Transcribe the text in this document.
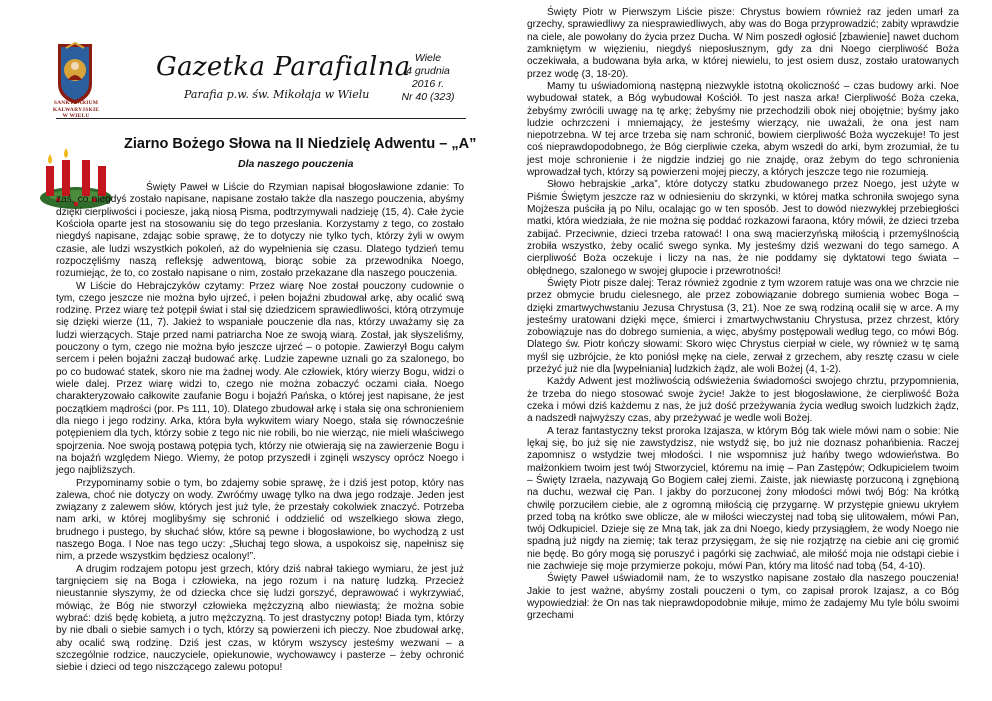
SANKTUARIUM
KALWARYJSKIE
W WIELU
Gazetka Parafialna
Parafia p.w. św. Mikołaja w Wielu
Wiele
4 grudnia
2016 r.
Nr 40 (323)
Ziarno Bożego Słowa na II Niedzielę Adwentu – „A”
Dla naszego pouczenia

Święty Paweł w Liście do Rzymian napisał błogosławione zdanie: To zaś, co niegdyś zostało napisane, napisane zostało także dla naszego pouczenia, abyśmy dzięki cierpliwości i pociesze, jaką niosą Pisma, podtrzymywali nadzieję (15, 4). Całe życie Kościoła oparte jest na stosowaniu się do tego przesłania. Korzystamy z tego, co zostało niegdyś napisane, zdając sobie sprawę, że to dotyczy nie tylko tych, którzy żyli w owym czasie, ale ludzi wszystkich pokoleń, aż do wypełnienia się czasu. Dlatego tydzień temu rozpoczęliśmy naszą refleksję adwentową, biorąc sobie za przewodnika Noego, rozumiejąc, że to, co zostało napisane o nim, zostało przekazane dla naszego pouczenia.

W Liście do Hebrajczyków czytamy: Przez wiarę Noe został pouczony cudownie o tym, czego jeszcze nie można było ujrzeć, i pełen bojaźni zbudował arkę, aby ocalić swą rodzinę. Przez wiarę też potępił świat i stał się dziedzicem sprawiedliwości, którą otrzymuje się dzięki wierze (11, 7). Jakież to wspaniałe pouczenie dla nas, którzy uważamy się za ludzi wierzących. Staje przed nami patriarcha Noe ze swoją wiarą. Został, jak słyszeliśmy, pouczony o tym, czego nie można było jeszcze ujrzeć – o potopie. Zawierzył Bogu całym sercem i pełen bojaźni zaczął budować arkę. Ludzie zapewne uznali go za szalonego, bo po co budować statek, skoro nie ma żadnej wody. Ale człowiek, który wierzy Bogu, widzi o wiele dalej. Przez wiarę widzi to, czego nie można zobaczyć oczami ciała. Noego charakteryzowało całkowite zaufanie Bogu i bojaźń Pańska, o której jest napisane, że jest początkiem mądrości (por. Ps 111, 10). Dlatego zbudował arkę i stała się ona schronieniem dla niego i jego rodziny. Arka, która była wykwitem wiary Noego, stała się równocześnie potępieniem dla tych, którzy sobie z tego nic nie robili, bo nie wierząc, nie mieli właściwego spojrzenia. Noe swoją postawą potępia tych, którzy nie otwierają się na zawierzenie Bogu i na bojaźń względem Niego. Wiemy, że potop przyszedł i zginęli wszyscy oprócz Noego i jego najbliższych.

Przypominamy sobie o tym, bo zdajemy sobie sprawę, że i dziś jest potop, który nas zalewa, choć nie dotyczy on wody. Zwróćmy uwagę tylko na dwa jego rodzaje. Jeden jest związany z zalewem słów, których jest już tyle, że przestały cokolwiek znaczyć. Potrzeba nam arki, w której moglibyśmy się schronić i oddzielić od wszelkiego słowa złego, brudnego i pustego, by słuchać słów, które są pewne i błogosławione, bo wychodzą z ust naszego Boga. I Noe nas tego uczy: „Słuchaj tego słowa, a uspokoisz się, napełnisz się nim, a przede wszystkim będziesz ocalony!”.

A drugim rodzajem potopu jest grzech, który dziś nabrał takiego wymiaru, że jest już targnięciem się na Boga i człowieka, na jego rozum i na naturę ludzką. Przecież nieustannie słyszymy, że od dziecka chce się ludzi gorszyć, deprawować i wykrzywiać, mówiąc, że Bóg nie stworzył człowieka mężczyzną albo niewiastą; że można sobie wybrać: dziś będę kobietą, a jutro mężczyzną. To jest drastyczny potop! Biada tym, którzy by nie dbali o siebie samych i o tych, którzy są powierzeni ich pieczy. Noe zbudował arkę, aby ocalić swą rodzinę. Dziś jest czas, w którym wszyscy jesteśmy wezwani – a szczególnie rodzice, nauczyciele, opiekunowie, wychowawcy i pasterze – żeby ochronić siebie i dzieci od tego niszczącego zalewu potopu!

Święty Piotr w Pierwszym Liście pisze: Chrystus bowiem również raz jeden umarł za grzechy, sprawiedliwy za niesprawiedliwych, aby was do Boga przyprowadzić; zabity wprawdzie na ciele, ale powołany do życia przez Ducha. W Nim poszedł ogłosić [zbawienie] nawet duchom zamkniętym w więzieniu, niegdyś nieposłusznym, gdy za dni Noego cierpliwość Boża oczekiwała, a budowana była arka, w której niewielu, to jest osiem dusz, zostało uratowanych przez wodę (3, 18-20).

Mamy tu uświadomioną następną niezwykle istotną okoliczność – czas budowy arki. Noe wybudował statek, a Bóg wybudował Kościół. To jest nasza arka! Cierpliwość Boża czeka, żebyśmy zwrócili uwagę na tę arkę; żebyśmy nie przechodzili obok niej obojętnie; byśmy jako ludzie ochrzczeni i mniemający, że jesteśmy wierzący, nie uważali, że ona jest nam niepotrzebna. W tej arce trzeba się nam schronić, bowiem cierpliwość Boża wyczekuje! To jest coś nieprawdopodobnego, że Bóg cierpliwie czeka, abym wszedł do arki, bym zrozumiał, że tu jest moje schronienie i że nigdzie indziej go nie znajdę, oraz żebym do tego schronienia wprowadzał tych, którzy są powierzeni mojej pieczy, a których jeszcze tego nie rozumieją.

Słowo hebrajskie „arka”, które dotyczy statku zbudowanego przez Noego, jest użyte w Piśmie Świętym jeszcze raz w odniesieniu do skrzynki, w której matka schroniła swojego syna Mojżesza puściła ją po Nilu, ocalając go w ten sposób. Jest to dowód niezwykłej przebiegłości matki, która wiedziała, że nie można się poddać rozkazowi faraona, który mówił, że dzieci trzeba zabijać. Przeciwnie, dzieci trzeba ratować! I ona swą macierzyńską miłością i przemyślnością zrobiła wszystko, żeby ocalić swego synka. My jesteśmy dziś wezwani do tego samego. A cierpliwość Boża oczekuje i liczy na nas, że nie poddamy się dyktatowi tego świata – obłędnego, szalonego w swojej głupocie i przewrotności!

Święty Piotr pisze dalej: Teraz również zgodnie z tym wzorem ratuje was ona we chrzcie nie przez obmycie brudu cielesnego, ale przez zobowiązanie dobrego sumienia wobec Boga – dzięki zmartwychwstaniu Jezusa Chrystusa (3, 21). Noe ze swą rodziną ocalił się w arce. A my jesteśmy uratowani dzięki męce, śmierci i zmartwychwstaniu Chrystusa, przez chrzest, który zobowiązuje nas do dobrego sumienia, a więc, abyśmy postępowali według tego, co mówi Bóg. Dlatego św. Piotr kończy słowami: Skoro więc Chrystus cierpiał w ciele, wy również w tę samą myśl się uzbrójcie, że kto poniósł mękę na ciele, zerwał z grzechem, aby resztę czasu w ciele przeżyć już nie dla [wypełniania] ludzkich żądz, ale woli Bożej (4, 1-2).

Każdy Adwent jest możliwością odświeżenia świadomości swojego chrztu, przypomnienia, że trzeba do niego stosować swoje życie! Jakże to jest błogosławione, że cierpliwość Boża czeka i mówi dziś każdemu z nas, że już dość przeżywania życia według swoich ludzkich żądz, a nadszedł najwyższy czas, aby przeżywać je wedle woli Bożej.

A teraz fantastyczny tekst proroka Izajasza, w którym Bóg tak wiele mówi nam o sobie: Nie lękaj się, bo już się nie zawstydzisz, nie wstydź się, bo już nie doznasz pohańbienia. Raczej zapomnisz o wstydzie twej młodości. I nie wspomnisz już hańby twego wdowieństwa. Bo małżonkiem twoim jest twój Stworzyciel, któremu na imię – Pan Zastępów; Odkupicielem twoim – Święty Izraela, nazywają Go Bogiem całej ziemi. Zaiste, jak niewiastę porzuconą i zgnębioną na duchu, wezwał cię Pan. I jakby do porzuconej żony młodości mówi twój Bóg: Na krótką chwilę porzuciłem ciebie, ale z ogromną miłością cię przygarnę. W przystępie gniewu ukryłem przed tobą na krótko swe oblicze, ale w miłości wieczystej nad tobą się ulitowałem, mówi Pan, twój Odkupiciel. Dzieje się ze Mną tak, jak za dni Noego, kiedy przysiągłem, że wody Noego nie spadną już nigdy na ziemię; tak teraz przysięgam, że się nie rozjątrzę na ciebie ani cię gromić nie będę. Bo góry mogą się poruszyć i pagórki się zachwiać, ale miłość moja nie odstąpi ciebie i nie zachwieje się moje przymierze pokoju, mówi Pan, który ma litość nad tobą (54, 4-10).

Święty Paweł uświadomił nam, że to wszystko napisane zostało dla naszego pouczenia! Jakie to jest ważne, abyśmy zostali pouczeni o tym, co zapisał prorok Izajasz, a co Bóg wypowiedział: że On nas tak nieprawdopodobnie miłuje, mimo że zadajemy Mu tyle bólu swoimi grzechami
